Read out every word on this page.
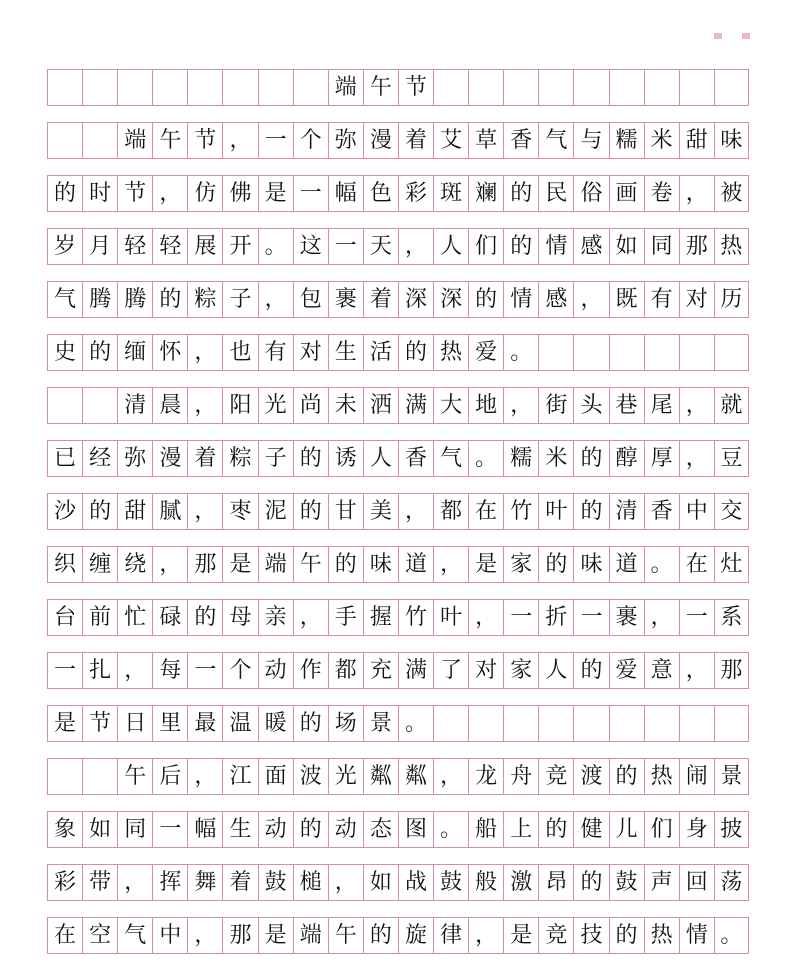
端 午 节
端 午 节 ， 一 个 弥 漫 着 艾 草 香 气 与 糯 米 甜 味
的 时 节 ， 仿 佛 是 一 幅 色 彩 斑 斓 的 民 俗 画 卷 ， 被
岁 月 轻 轻 展 开 。 这 一 天 ， 人 们 的 情 感 如 同 那 热
气 腾 腾 的 粽 子 ， 包 裹 着 深 深 的 情 感 ， 既 有 对 历
史 的 缅 怀 ， 也 有 对 生 活 的 热 爱 。
清 晨 ， 阳 光 尚 未 洒 满 大 地 ， 街 头 巷 尾 ， 就
已 经 弥 漫 着 粽 子 的 诱 人 香 气 。 糯 米 的 醇 厚 ， 豆
沙 的 甜 腻 ， 枣 泥 的 甘 美 ， 都 在 竹 叶 的 清 香 中 交
织 缠 绕 ， 那 是 端 午 的 味 道 ， 是 家 的 味 道 。 在 灶
台 前 忙 碌 的 母 亲 ， 手 握 竹 叶 ， 一 折 一 裹 ， 一 系
一 扎 ， 每 一 个 动 作 都 充 满 了 对 家 人 的 爱 意 ， 那
是 节 日 里 最 温 暖 的 场 景 。
午 后 ， 江 面 波 光 粼 粼 ， 龙 舟 竞 渡 的 热 闹 景
象 如 同 一 幅 生 动 的 动 态 图 。 船 上 的 健 儿 们 身 披
彩 带 ， 挥 舞 着 鼓 槌 ， 如 战 鼓 般 激 昂 的 鼓 声 回 荡
在 空 气 中 ， 那 是 端 午 的 旋 律 ， 是 竞 技 的 热 情 。
